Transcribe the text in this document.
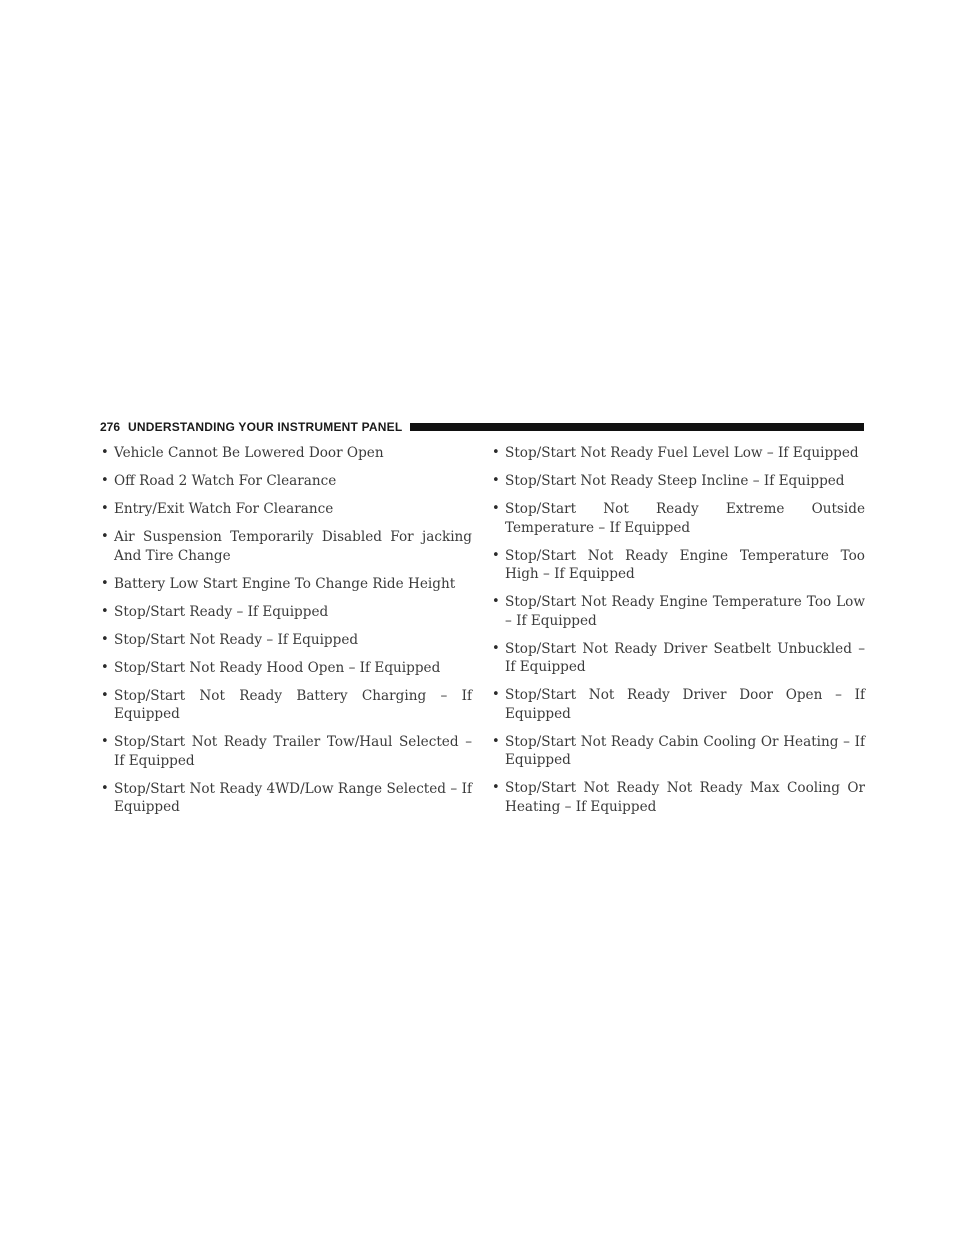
276 UNDERSTANDING YOUR INSTRUMENT PANEL
• Vehicle Cannot Be Lowered Door Open
• Off Road 2 Watch For Clearance
• Entry/Exit Watch For Clearance
• Air Suspension Temporarily Disabled For jacking And Tire Change
• Battery Low Start Engine To Change Ride Height
• Stop/Start Ready – If Equipped
• Stop/Start Not Ready – If Equipped
• Stop/Start Not Ready Hood Open – If Equipped
• Stop/Start Not Ready Battery Charging – If Equipped
• Stop/Start Not Ready Trailer Tow/Haul Selected – If Equipped
• Stop/Start Not Ready 4WD/Low Range Selected – If Equipped
• Stop/Start Not Ready Fuel Level Low – If Equipped
• Stop/Start Not Ready Steep Incline – If Equipped
• Stop/Start Not Ready Extreme Outside Temperature – If Equipped
• Stop/Start Not Ready Engine Temperature Too High – If Equipped
• Stop/Start Not Ready Engine Temperature Too Low – If Equipped
• Stop/Start Not Ready Driver Seatbelt Unbuckled – If Equipped
• Stop/Start Not Ready Driver Door Open – If Equipped
• Stop/Start Not Ready Cabin Cooling Or Heating – If Equipped
• Stop/Start Not Ready Not Ready Max Cooling Or Heating – If Equipped
